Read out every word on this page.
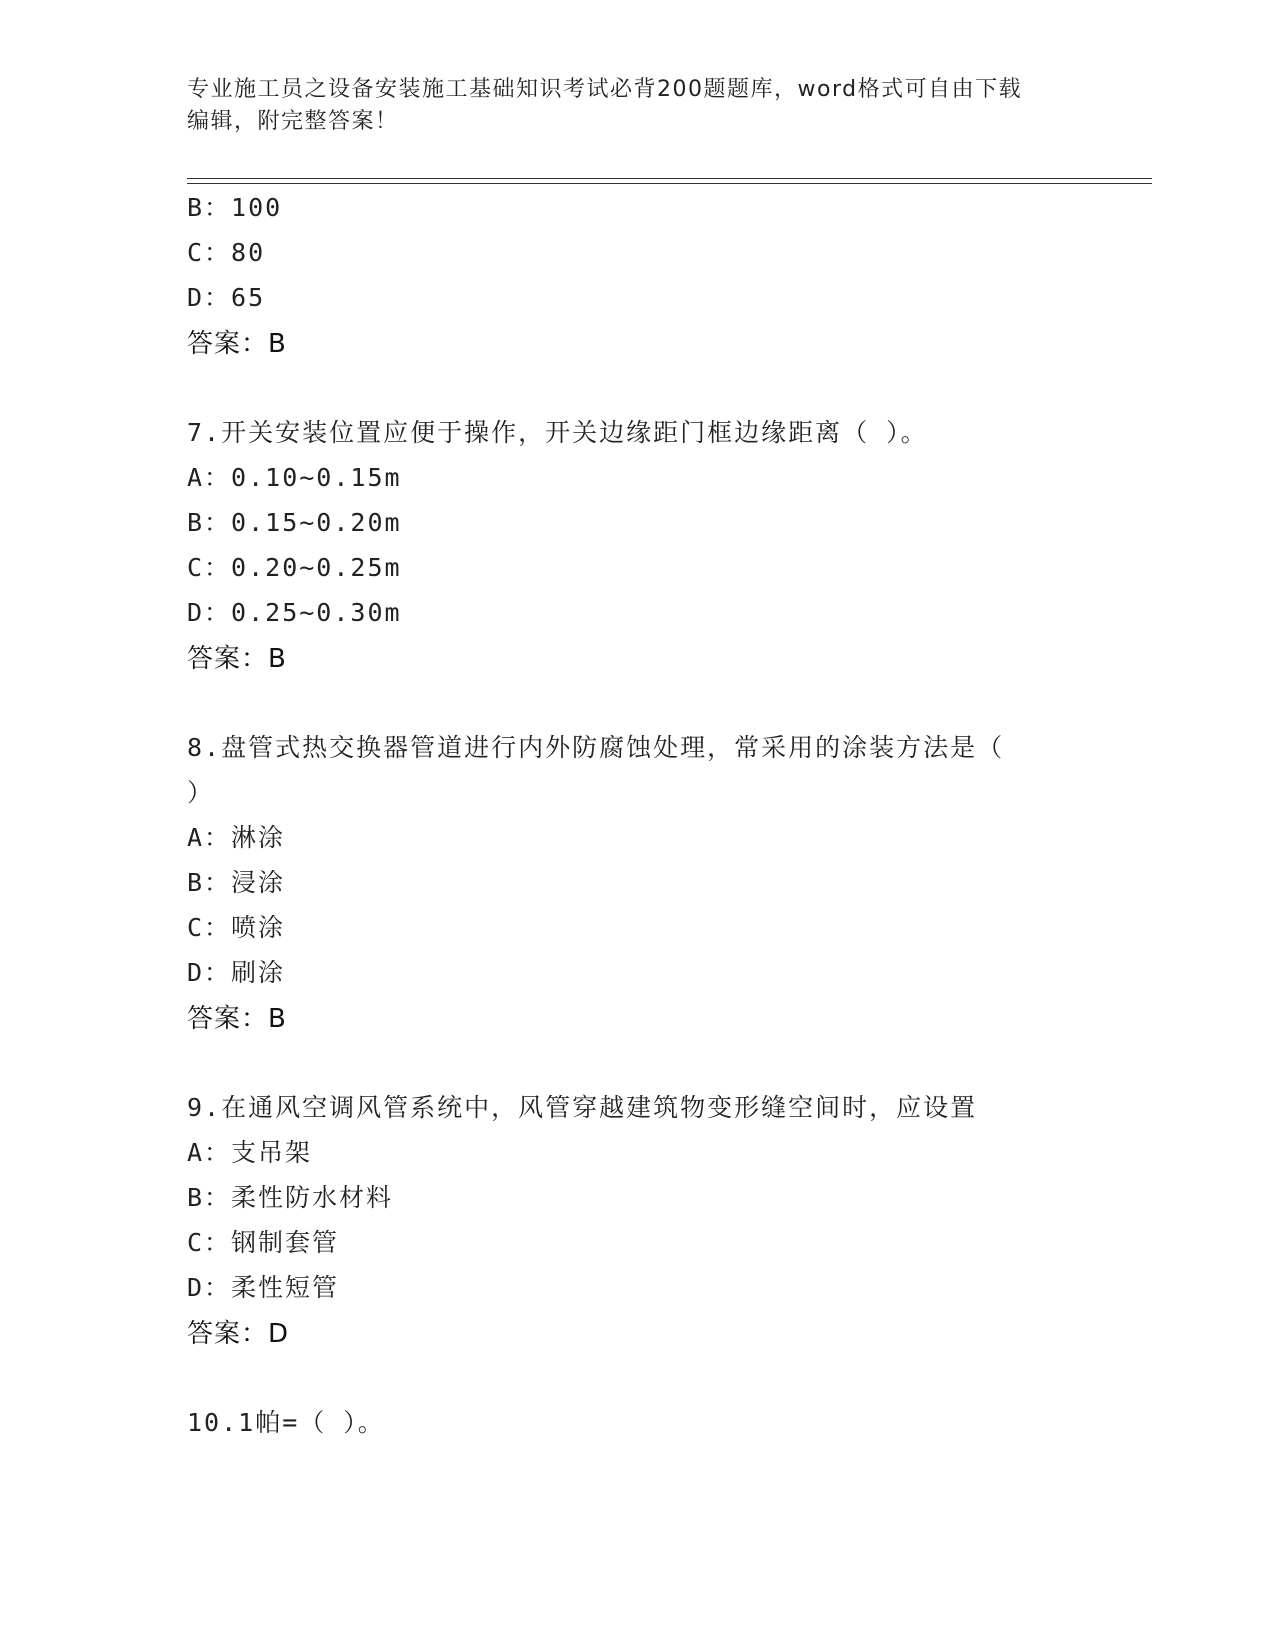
专业施工员之设备安装施工基础知识考试必背200题题库，word格式可自由下载
编辑，附完整答案！
B：100
C：80
D：65
答案：B
7.开关安装位置应便于操作，开关边缘距门框边缘距离（ ）。
A：0.10~0.15m
B：0.15~0.20m
C：0.20~0.25m
D：0.25~0.30m
答案：B
8.盘管式热交换器管道进行内外防腐蚀处理，常采用的涂装方法是（
）
A：淋涂
B：浸涂
C：喷涂
D：刷涂
答案：B
9.在通风空调风管系统中，风管穿越建筑物变形缝空间时，应设置
A：支吊架
B：柔性防水材料
C：钢制套管
D：柔性短管
答案：D
10.1帕=（ ）。
